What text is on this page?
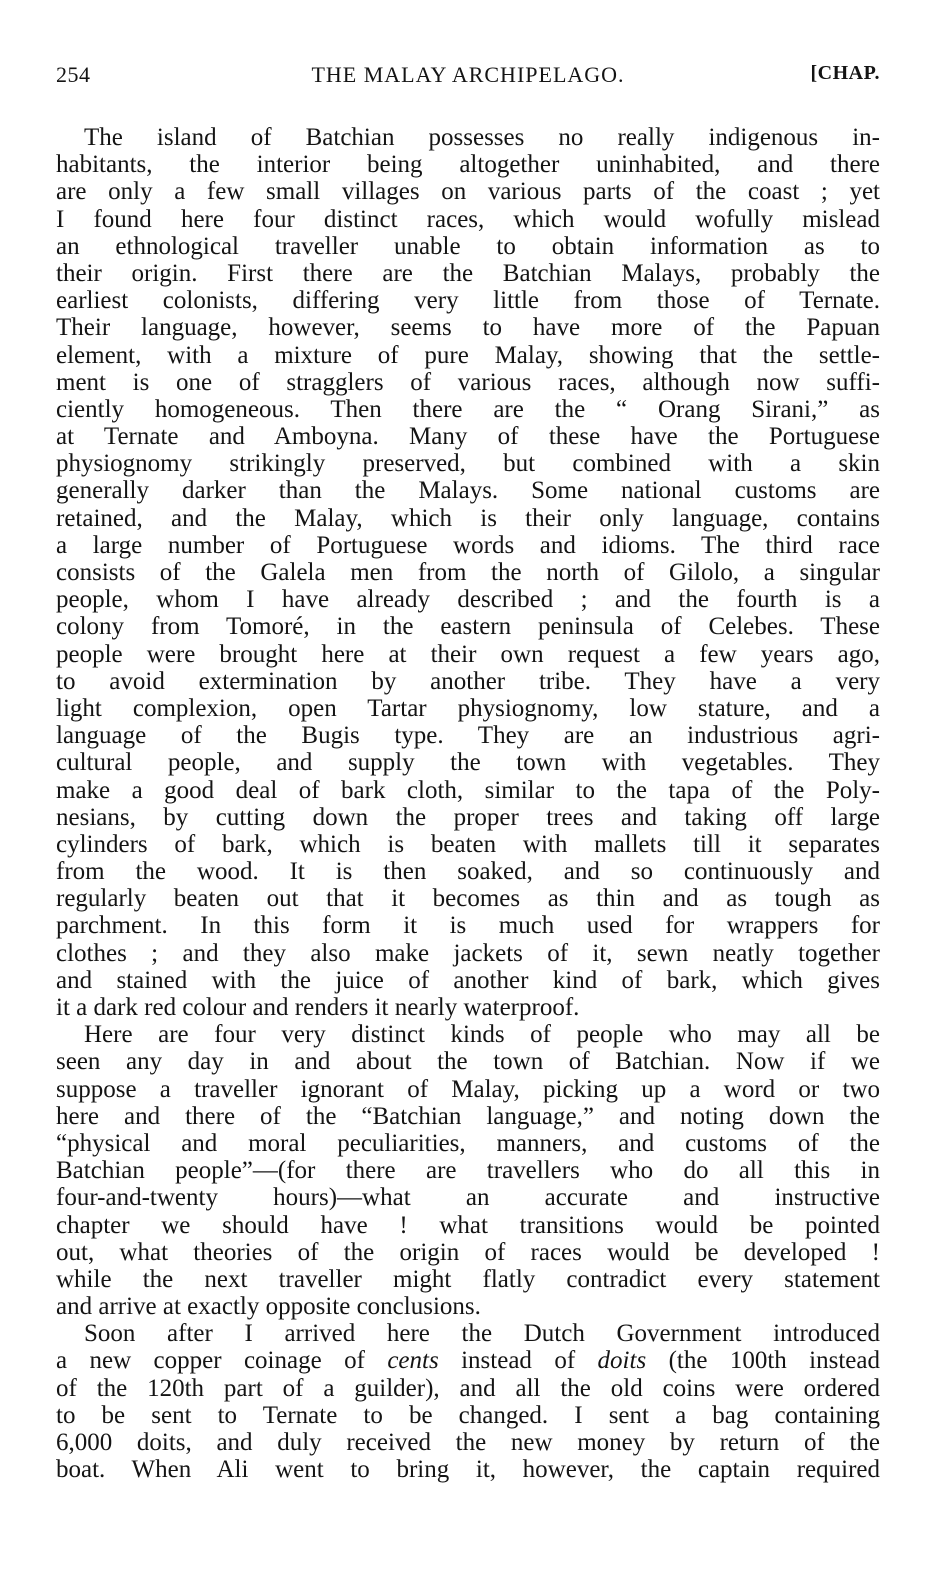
254	THE MALAY ARCHIPELAGO.	[CHAP.
The island of Batchian possesses no really indigenous in-
habitants, the interior being altogether uninhabited, and there
are only a few small villages on various parts of the coast ; yet
I found here four distinct races, which would wofully mislead
an ethnological traveller unable to obtain information as to
their origin. First there are the Batchian Malays, probably the
earliest colonists, differing very little from those of Ternate.
Their language, however, seems to have more of the Papuan
element, with a mixture of pure Malay, showing that the settle-
ment is one of stragglers of various races, although now suffi-
ciently homogeneous. Then there are the “ Orang Sirani,” as
at Ternate and Amboyna. Many of these have the Portuguese
physiognomy strikingly preserved, but combined with a skin
generally darker than the Malays. Some national customs are
retained, and the Malay, which is their only language, contains
a large number of Portuguese words and idioms. The third race
consists of the Galela men from the north of Gilolo, a singular
people, whom I have already described ; and the fourth is a
colony from Tomoré, in the eastern peninsula of Celebes. These
people were brought here at their own request a few years ago,
to avoid extermination by another tribe. They have a very
light complexion, open Tartar physiognomy, low stature, and a
language of the Bugis type. They are an industrious agri-
cultural people, and supply the town with vegetables. They
make a good deal of bark cloth, similar to the tapa of the Poly-
nesians, by cutting down the proper trees and taking off large
cylinders of bark, which is beaten with mallets till it separates
from the wood. It is then soaked, and so continuously and
regularly beaten out that it becomes as thin and as tough as
parchment. In this form it is much used for wrappers for
clothes ; and they also make jackets of it, sewn neatly together
and stained with the juice of another kind of bark, which gives
it a dark red colour and renders it nearly waterproof.
Here are four very distinct kinds of people who may all be
seen any day in and about the town of Batchian. Now if we
suppose a traveller ignorant of Malay, picking up a word or two
here and there of the “Batchian language,” and noting down the
“physical and moral peculiarities, manners, and customs of the
Batchian people”—(for there are travellers who do all this in
four-and-twenty hours)—what an accurate and instructive
chapter we should have ! what transitions would be pointed
out, what theories of the origin of races would be developed !
while the next traveller might flatly contradict every statement
and arrive at exactly opposite conclusions.
Soon after I arrived here the Dutch Government introduced
a new copper coinage of cents instead of doits (the 100th instead
of the 120th part of a guilder), and all the old coins were ordered
to be sent to Ternate to be changed. I sent a bag containing
6,000 doits, and duly received the new money by return of the
boat. When Ali went to bring it, however, the captain required
